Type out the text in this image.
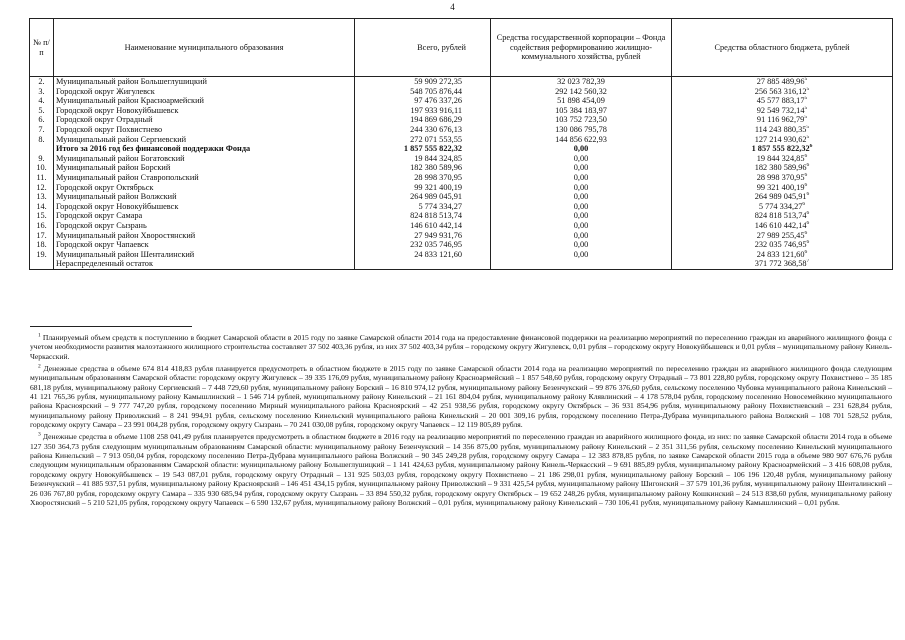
4
№ п/п	Наименование муниципального образования	Всего, рублей	Средства государственной корпорации – Фонда содействия реформированию жилищно-коммунального хозяйства, рублей	Средства областного бюджета, рублей
2.	Муниципальный район Большеглушицкий	59 909 272,35	32 023 782,39	27 885 489,96$^5$
3.	Городской округ Жигулевск	548 705 876,44	292 142 560,32	256 563 316,12$^5$
4.	Муниципальный район Красноармейский	97 476 337,26	51 898 454,09	45 577 883,17$^5$
5.	Городской округ Новокуйбышевск	197 933 916,11	105 384 183,97	92 549 732,14$^5$
6.	Городской округ Отрадный	194 869 686,29	103 752 723,50	91 116 962,79$^5$
7.	Городской округ Похвистнево	244 330 676,13	130 086 795,78	114 243 880,35$^5$
8.	Муниципальный район Сергиевский	272 071 553,55	144 856 622,93	127 214 930,62$^5$
	Итого за 2016 год без финансовой поддержки Фонда	1 857 555 822,32	0,00	1 857 555 822,32$^6$
9.	Муниципальный район Богатовский	19 844 324,85	0,00	19 844 324,85$^6$
10.	Муниципальный район Борский	182 380 589,96	0,00	182 380 589,96$^6$
11.	Муниципальный район Ставропольский	28 998 370,95	0,00	28 998 370,95$^6$
12.	Городской округ Октябрьск	99 321 400,19	0,00	99 321 400,19$^6$
13.	Муниципальный район Волжский	264 989 045,91	0,00	264 989 045,91$^6$
14.	Городской округ Новокуйбышевск	5 774 334,27	0,00	5 774 334,27$^6$
15.	Городской округ Самара	824 818 513,74	0,00	824 818 513,74$^6$
16.	Городской округ Сызрань	146 610 442,14	0,00	146 610 442,14$^6$
17.	Муниципальный район Хворостянский	27 949 931,76	0,00	27 989 255,45$^6$
18.	Городской округ Чапаевск	232 035 746,95	0,00	232 035 746,95$^6$
19.	Муниципальный район Шенталинский	24 833 121,60	0,00	24 833 121,60$^6$
	Нераспределенный остаток			371 772 368,58$^7$

$^1$ Планируемый объем средств к поступлению в бюджет Самарской области в 2015 году по заявке Самарской области 2014 года на предоставление финансовой поддержки на реализацию мероприятий по переселению граждан из аварийного жилищного фонда с учетом необходимости развития малоэтажного жилищного строительства составляет 37 502 403,36 рубля, из них 37 502 403,34 рубля – городскому округу Жигулевск, 0,01 рубля – городскому округу Новокуйбышевск и 0,01 рубля – муниципальному району Кинель-Черкасский.

$^2$ Денежные средства в объеме 674 814 418,83 рубля планируется предусмотреть в областном бюджете в 2015 году по заявке Самарской области 2014 года на реализацию мероприятий по переселению граждан из аварийного жилищного фонда следующим муниципальным образованиям Самарской области: городскому округу Жигулевск – 39 335 176,09 рубля, муниципальному району Красноармейский – 1 857 548,60 рубля, городскому округу Отрадный – 73 801 228,80 рубля, городскому округу Похвистнево – 35 185 681,18 рубля, муниципальному району Сергиевский – 7 448 729,60 рубля, муниципальному району Борский – 16 810 974,12 рубля, муниципальному району Безенчукский – 99 876 376,60 рубля, сельскому поселению Чубовка муниципального района Кинельский – 41 121 765,36 рубля, муниципальному району Камышлинский – 1 546 714 рублей, муниципальному району Кинельский – 21 161 804,04 рубля, муниципальному району Клявлинский – 4 178 578,04 рубля, городскому поселению Новосемейкино муниципального района Красноярский – 9 777 747,20 рубля, городскому поселению Мирный муниципального района Красноярский – 42 251 938,56 рубля, городскому округу Октябрьск – 36 931 854,96 рубля, муниципальному району Похвистневский – 231 628,84 рубля, муниципальному району Приволжский – 8 241 994,91 рубля, сельскому поселению Кинельский муниципального района Кинельский – 20 001 309,16 рубля, городскому поселению Петра-Дубрава муниципального района Волжский – 108 701 528,52 рубля, городскому округу Самара – 23 991 004,28 рубля, городскому округу Сызрань – 70 241 030,08 рубля, городскому округу Чапаевск – 12 119 805,89 рубля.

$^3$ Денежные средства в объеме 1108 258 041,49 рубля планируется предусмотреть в областном бюджете в 2016 году на реализацию мероприятий по переселению граждан из аварийного жилищного фонда, из них: по заявке Самарской области 2014 года в объеме 127 350 364,73 рубля следующим муниципальным образованиям Самарской области: муниципальному району Безенчукский – 14 356 875,00 рубля, муниципальному району Кинельский – 2 351 311,56 рубля, сельскому поселению Кинельский муниципального района Кинельский – 7 913 050,04 рубля, городскому поселению Петра-Дубрава муниципального района Волжский – 90 345 249,28 рубля, городскому округу Самара – 12 383 878,85 рубля, по заявке Самарской области 2015 года в объеме 980 907 676,76 рубля следующим муниципальным образованиям Самарской области: муниципальному району Большеглушицкий – 1 141 424,63 рубля, муниципальному району Кинель-Черкасский – 9 691 885,89 рубля, муниципальному району Красноармейский – 3 416 608,08 рубля, городскому округу Новокуйбышевск – 19 543 087,01 рубля, городскому округу Отрадный – 131 925 503,03 рубля, городскому округу Похвистнево – 21 186 298,01 рубля, муниципальному району Борский – 106 196 120,48 рубля, муниципальному району Безенчукский – 41 885 937,51 рубля, муниципальному району Красноярский – 146 451 434,15 рубля, муниципальному району Приволжский – 9 331 425,54 рубля, муниципальному району Шигонский – 37 579 101,36 рубля, муниципальному району Шенталинский – 26 036 767,80 рубля, городскому округу Самара – 335 930 685,94 рубля, городскому округу Сызрань – 33 894 550,32 рубля, городскому округу Октябрьск – 19 652 248,26 рубля, муниципальному району Кошкинский – 24 513 838,60 рубля, муниципальному району Хворостянский – 5 210 521,05 рубля, городскому округу Чапаевск – 6 590 132,67 рубля, муниципальному району Волжский – 0,01 рубля, муниципальному району Кинельский – 730 106,41 рубля, муниципальному району Камышлинский – 0,01 рубля.
